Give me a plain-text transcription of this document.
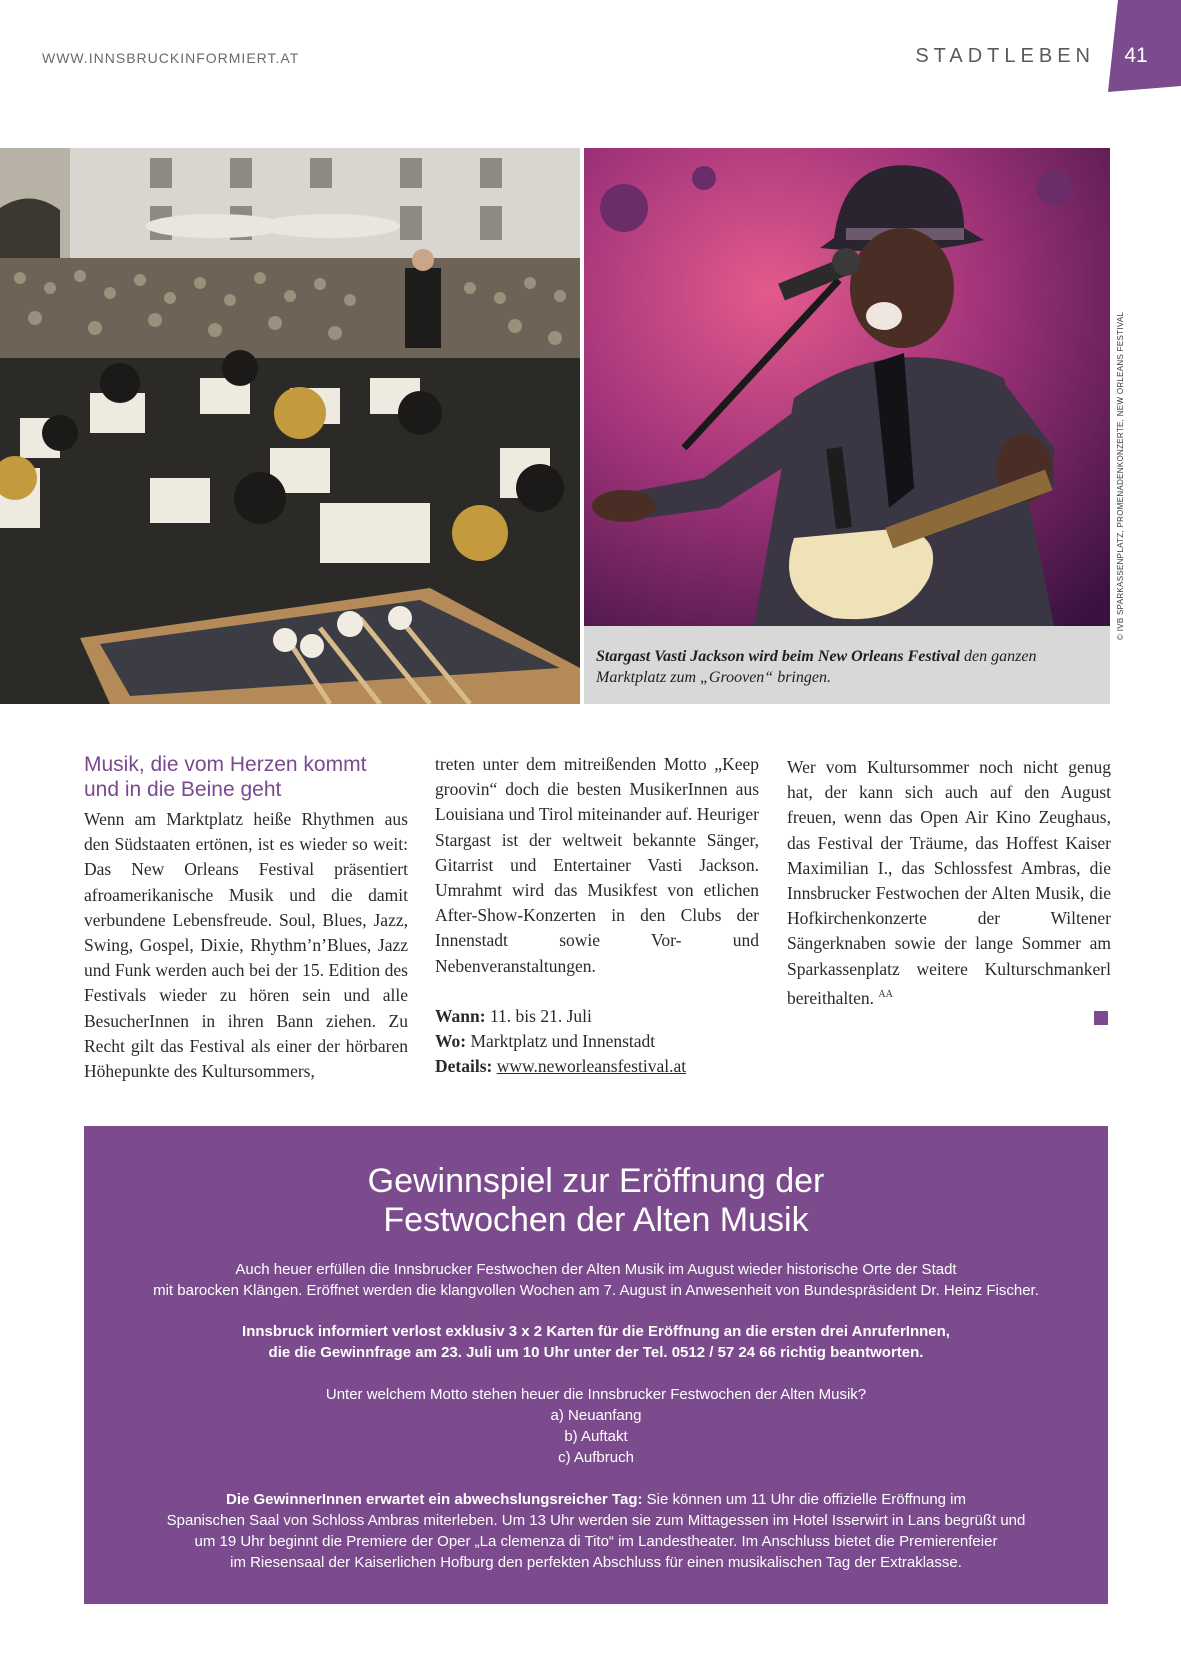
WWW.INNSBRUCKINFORMIERT.AT	STADTLEBEN	41
Stargast Vasti Jackson wird beim New Orleans Festival den ganzen Marktplatz zum „Grooven“ bringen.
© IVB SPARKASSENPLATZ, PROMENADENKONZERTE, NEW ORLEANS FESTIVAL
Musik, die vom Herzen kommt
und in die Beine geht
Wenn am Marktplatz heiße Rhythmen aus den Südstaaten ertönen, ist es wieder so weit: Das New Orleans Festival präsentiert afroamerikanische Musik und die damit verbundene Lebensfreude. Soul, Blues, Jazz, Swing, Gospel, Dixie, Rhythm’n’Blues, Jazz und Funk werden auch bei der 15. Edition des Festivals wieder zu hören sein und alle BesucherInnen in ihren Bann ziehen. Zu Recht gilt das Festival als einer der hörbaren Höhepunkte des Kultursommers,
treten unter dem mitreißenden Motto „Keep groovin“ doch die besten MusikerInnen aus Louisiana und Tirol miteinander auf. Heuriger Stargast ist der weltweit bekannte Sänger, Gitarrist und Entertainer Vasti Jackson. Umrahmt wird das Musikfest von etlichen After-Show-Konzerten in den Clubs der Innenstadt sowie Vor- und Nebenveranstaltungen.

Wann: 11. bis 21. Juli

Wo: Marktplatz und Innenstadt

Details: www.neworleansfestival.at

Wer vom Kultursommer noch nicht genug hat, der kann sich auch auf den August freuen, wenn das Open Air Kino Zeughaus, das Festival der Träume, das Hoffest Kaiser Maximilian I., das Schlossfest Ambras, die Innsbrucker Festwochen der Alten Musik, die Hofkirchenkonzerte der Wiltener Sängerknaben sowie der lange Sommer am Sparkassenplatz weitere Kulturschmankerl bereithalten. $^{AA}$
Gewinnspiel zur Eröffnung der
Festwochen der Alten Musik
Auch heuer erfüllen die Innsbrucker Festwochen der Alten Musik im August wieder historische Orte der Stadt
mit barocken Klängen. Eröffnet werden die klangvollen Wochen am 7. August in Anwesenheit von Bundespräsident Dr. Heinz Fischer.
Innsbruck informiert verlost exklusiv 3 x 2 Karten für die Eröffnung an die ersten drei AnruferInnen,
die die Gewinnfrage am 23. Juli um 10 Uhr unter der Tel. 0512 / 57 24 66 richtig beantworten.
Unter welchem Motto stehen heuer die Innsbrucker Festwochen der Alten Musik?
a) Neuanfang
b) Auftakt
c) Aufbruch
Die GewinnerInnen erwartet ein abwechslungsreicher Tag: Sie können um 11 Uhr die offizielle Eröffnung im
Spanischen Saal von Schloss Ambras miterleben. Um 13 Uhr werden sie zum Mittagessen im Hotel Isserwirt in Lans begrüßt und
um 19 Uhr beginnt die Premiere der Oper „La clemenza di Tito“ im Landestheater. Im Anschluss bietet die Premierenfeier
im Riesensaal der Kaiserlichen Hofburg den perfekten Abschluss für einen musikalischen Tag der Extraklasse.
